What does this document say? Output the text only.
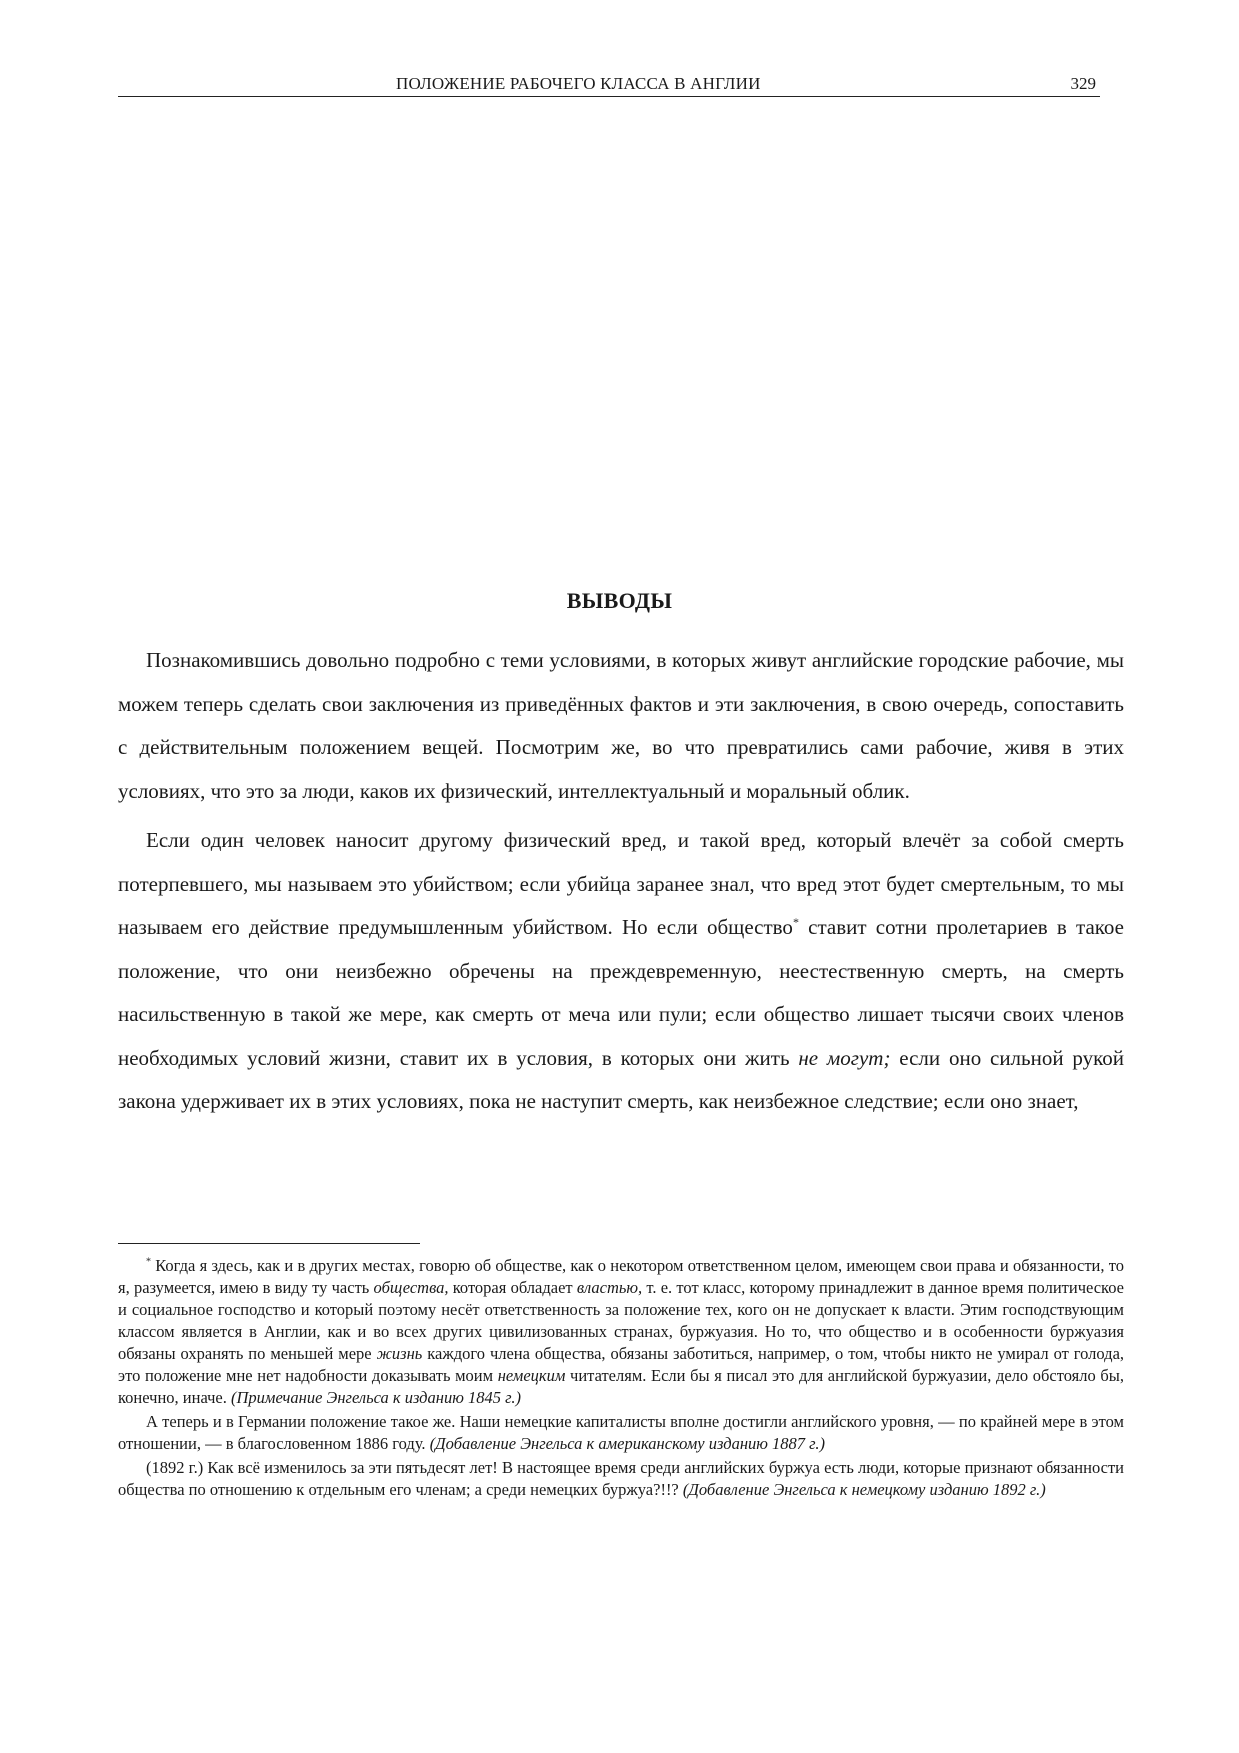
ПОЛОЖЕНИЕ РАБОЧЕГО КЛАССА В АНГЛИИ	329
ВЫВОДЫ

Познакомившись довольно подробно с теми условиями, в которых живут английские городские рабочие, мы можем теперь сделать свои заключения из приведённых фактов и эти заключения, в свою очередь, сопоставить с действительным положением вещей. Посмотрим же, во что превратились сами рабочие, живя в этих условиях, что это за люди, каков их физический, интеллектуальный и моральный облик.

Если один человек наносит другому физический вред, и такой вред, который влечёт за собой смерть потерпевшего, мы называем это убийством; если убийца заранее знал, что вред этот будет смертельным, то мы называем его действие предумышленным убийством. Но если общество* ставит сотни пролетариев в такое положение, что они неизбежно обречены на преждевременную, неестественную смерть, на смерть насильственную в такой же мере, как смерть от меча или пули; если общество лишает тысячи своих членов необходимых условий жизни, ставит их в условия, в которых они жить не могут; если оно сильной рукой закона удерживает их в этих условиях, пока не наступит смерть, как неизбежное следствие; если оно знает,

* Когда я здесь, как и в других местах, говорю об обществе, как о некотором ответственном целом, имеющем свои права и обязанности, то я, разумеется, имею в виду ту часть общества, которая обладает властью, т. е. тот класс, которому принадлежит в данное время политическое и социальное господство и который поэтому несёт ответственность за положение тех, кого он не допускает к власти. Этим господствующим классом является в Англии, как и во всех других цивилизованных странах, буржуазия. Но то, что общество и в особенности буржуазия обязаны охранять по меньшей мере жизнь каждого члена общества, обязаны заботиться, например, о том, чтобы никто не умирал от голода, это положение мне нет надобности доказывать моим немецким читателям. Если бы я писал это для английской буржуазии, дело обстояло бы, конечно, иначе. (Примечание Энгельса к изданию 1845 г.)

А теперь и в Германии положение такое же. Наши немецкие капиталисты вполне достигли английского уровня, — по крайней мере в этом отношении, — в благословенном 1886 году. (Добавление Энгельса к американскому изданию 1887 г.)

(1892 г.) Как всё изменилось за эти пятьдесят лет! В настоящее время среди английских буржуа есть люди, которые признают обязанности общества по отношению к отдельным его членам; а среди немецких буржуа?!!? (Добавление Энгельса к немецкому изданию 1892 г.)
